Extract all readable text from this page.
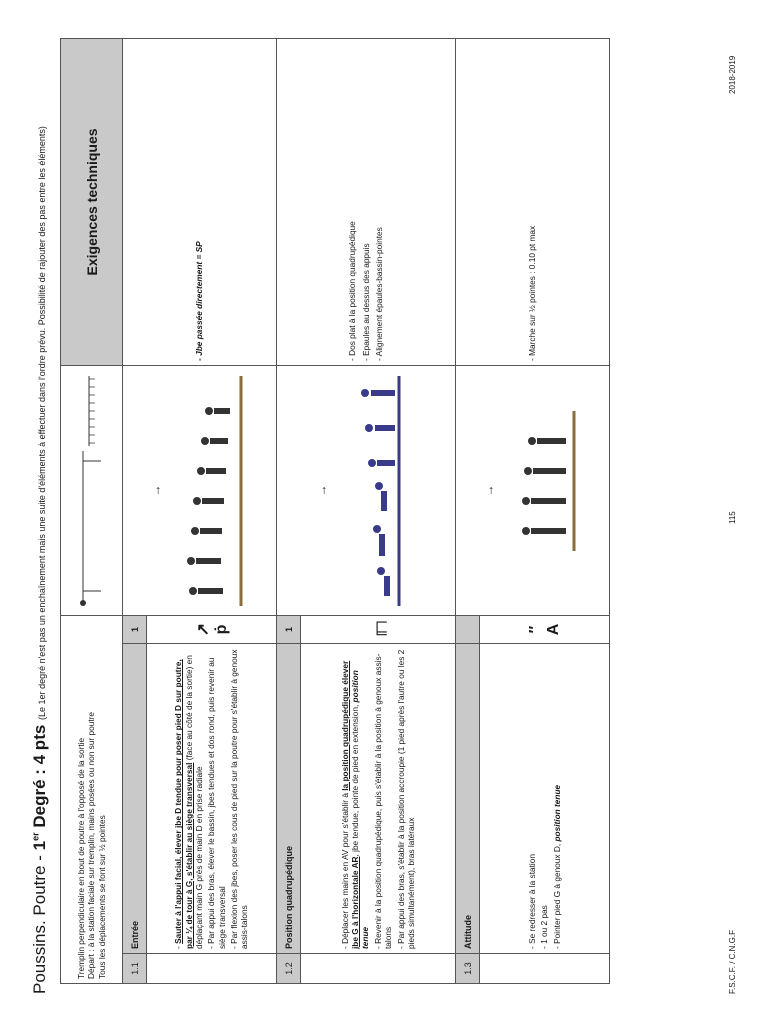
Poussins. Poutre - 1er Degré : 4 pts (Le 1er degré n'est pas un enchaînement mais une suite d'éléments à effectuer dans l'ordre prévu. Possibilité de rajouter des pas entre les éléments)
Tremplin perpendiculaire en bout de poutre à l'opposé de la sortie Départ : à la station faciale sur tremplin, mains posées ou non sur poutre Tous les déplacements se font sur ½ pointes				Exigences techniques
1.1	Entrée	1	→	- Jbe passée directement = SP

	- Sauter à l'appui facial, élever jbe D tendue pour poser pied D sur poutre, par ¼ de tour à G, s'établir au siège transversal (face au côté de la sortie) en déplaçant main G près de main D en prise radiale - Par appui des bras, élever le bassin, jbes tendues et dos rond, puis revenir au siège transversal - Par flexion des jbes, poser les cous de pied sur la poutre pour s'établir à genoux assis-talons	↗ ṗ		
1.2	Position quadrupédique	1	→	- Dos plat à la position quadrupédique
- Epaules au dessus des appuis
- Alignement épaules-bassin-pointes

	- Déplacer les mains en AV pour s'établir à la position quadrupédique élever jbe G à l'horizontale AR, jbe tendue, pointe de pied en extension, position tenue - Revenir à la position quadrupédique, puis s'établir à la position à genoux assis-talons - Par appui des bras, s'établir à la position accroupie (1 pied après l'autre ou les 2 pieds simultanément), bras latéraux	╓┐		
1.3	Attitude		→	- Marche sur ½ pointes : 0.10 pt max

	- Se redresser à la station
- 1 ou 2 pas
- Pointer pied G à genoux D, position tenue	″ A		
F.S.C.F. / C.N.G.F
115
2018-2019
